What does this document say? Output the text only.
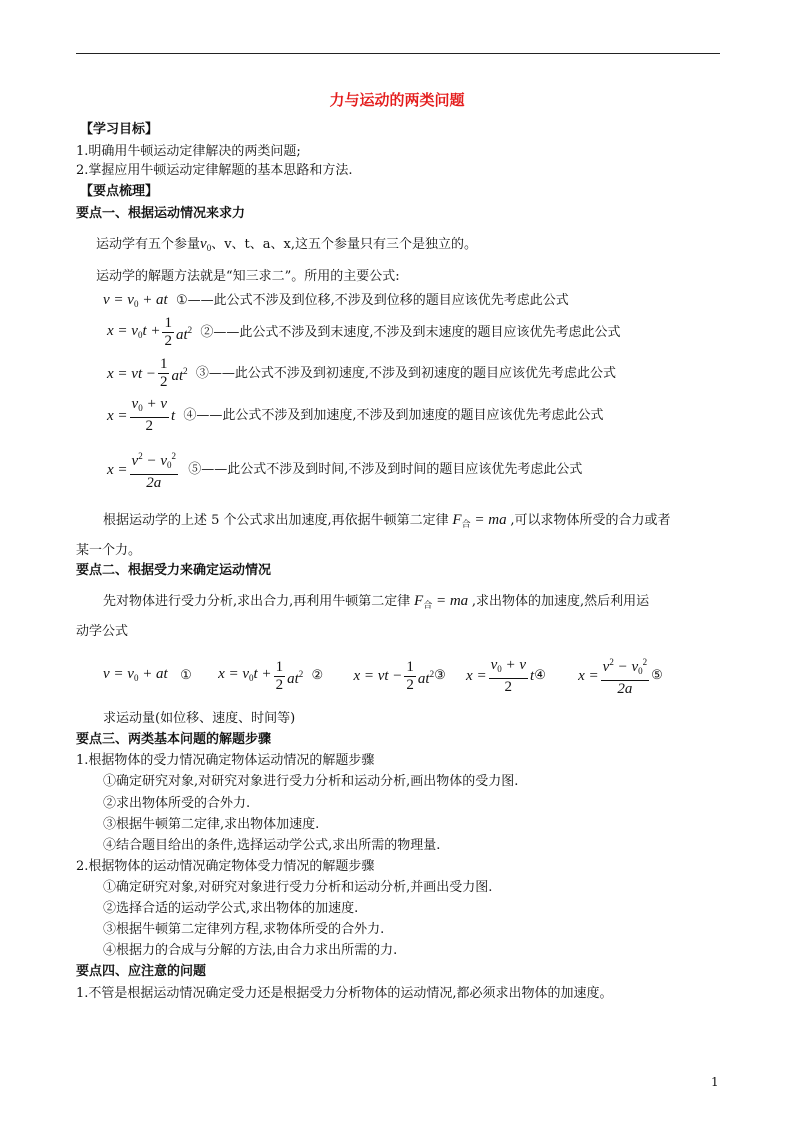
力与运动的两类问题
【学习目标】
1.明确用牛顿运动定律解决的两类问题;
2.掌握应用牛顿运动定律解题的基本思路和方法.
【要点梳理】
要点一、根据运动情况来求力
运动学有五个参量$v_0$、v、t、a、x,这五个参量只有三个是独立的。
运动学的解题方法就是“知三求二”。所用的主要公式:
$v = v_0$ + at ①——此公式不涉及到位移,不涉及到位移的题目应该优先考虑此公式
$x = v_0t + \frac{1}{2} at^2$ ②——此公式不涉及到末速度,不涉及到末速度的题目应该优先考虑此公式
x = vt − $\frac{1}{2} at^2$ ③——此公式不涉及到初速度,不涉及到初速度的题目应该优先考虑此公式
$x = \frac{v_0 + v}{2}$ t ④——此公式不涉及到加速度,不涉及到加速度的题目应该优先考虑此公式
$x = \frac{v^2 - v_0^2}{2a}$ ⑤——此公式不涉及到时间,不涉及到时间的题目应该优先考虑此公式
根据运动学的上述 5 个公式求出加速度,再依据牛顿第二定律 $F_合$ = ma ,可以求物体所受的合力或者
某一个力。
要点二、根据受力来确定运动情况
先对物体进行受力分析,求出合力,再利用牛顿第二定律 $F_合$ = ma ,求出物体的加速度,然后利用运
动学公式
$v = v_0$ + at ① $x = v_0t + \frac{1}{2} at^2$ ② x = vt − $\frac{1}{2}$ $at^2③$ $x = \frac{v_0 + v}{2}$ t④ $x = \frac{v^2 - v_0^2}{2a}$ ⑤
求运动量(如位移、速度、时间等)
要点三、两类基本问题的解题步骤
1.根据物体的受力情况确定物体运动情况的解题步骤
①确定研究对象,对研究对象进行受力分析和运动分析,画出物体的受力图.
②求出物体所受的合外力.
③根据牛顿第二定律,求出物体加速度.
④结合题目给出的条件,选择运动学公式,求出所需的物理量.
2.根据物体的运动情况确定物体受力情况的解题步骤
①确定研究对象,对研究对象进行受力分析和运动分析,并画出受力图.
②选择合适的运动学公式,求出物体的加速度.
③根据牛顿第二定律列方程,求物体所受的合外力.
④根据力的合成与分解的方法,由合力求出所需的力.
要点四、应注意的问题
1.不管是根据运动情况确定受力还是根据受力分析物体的运动情况,都必须求出物体的加速度。
1
